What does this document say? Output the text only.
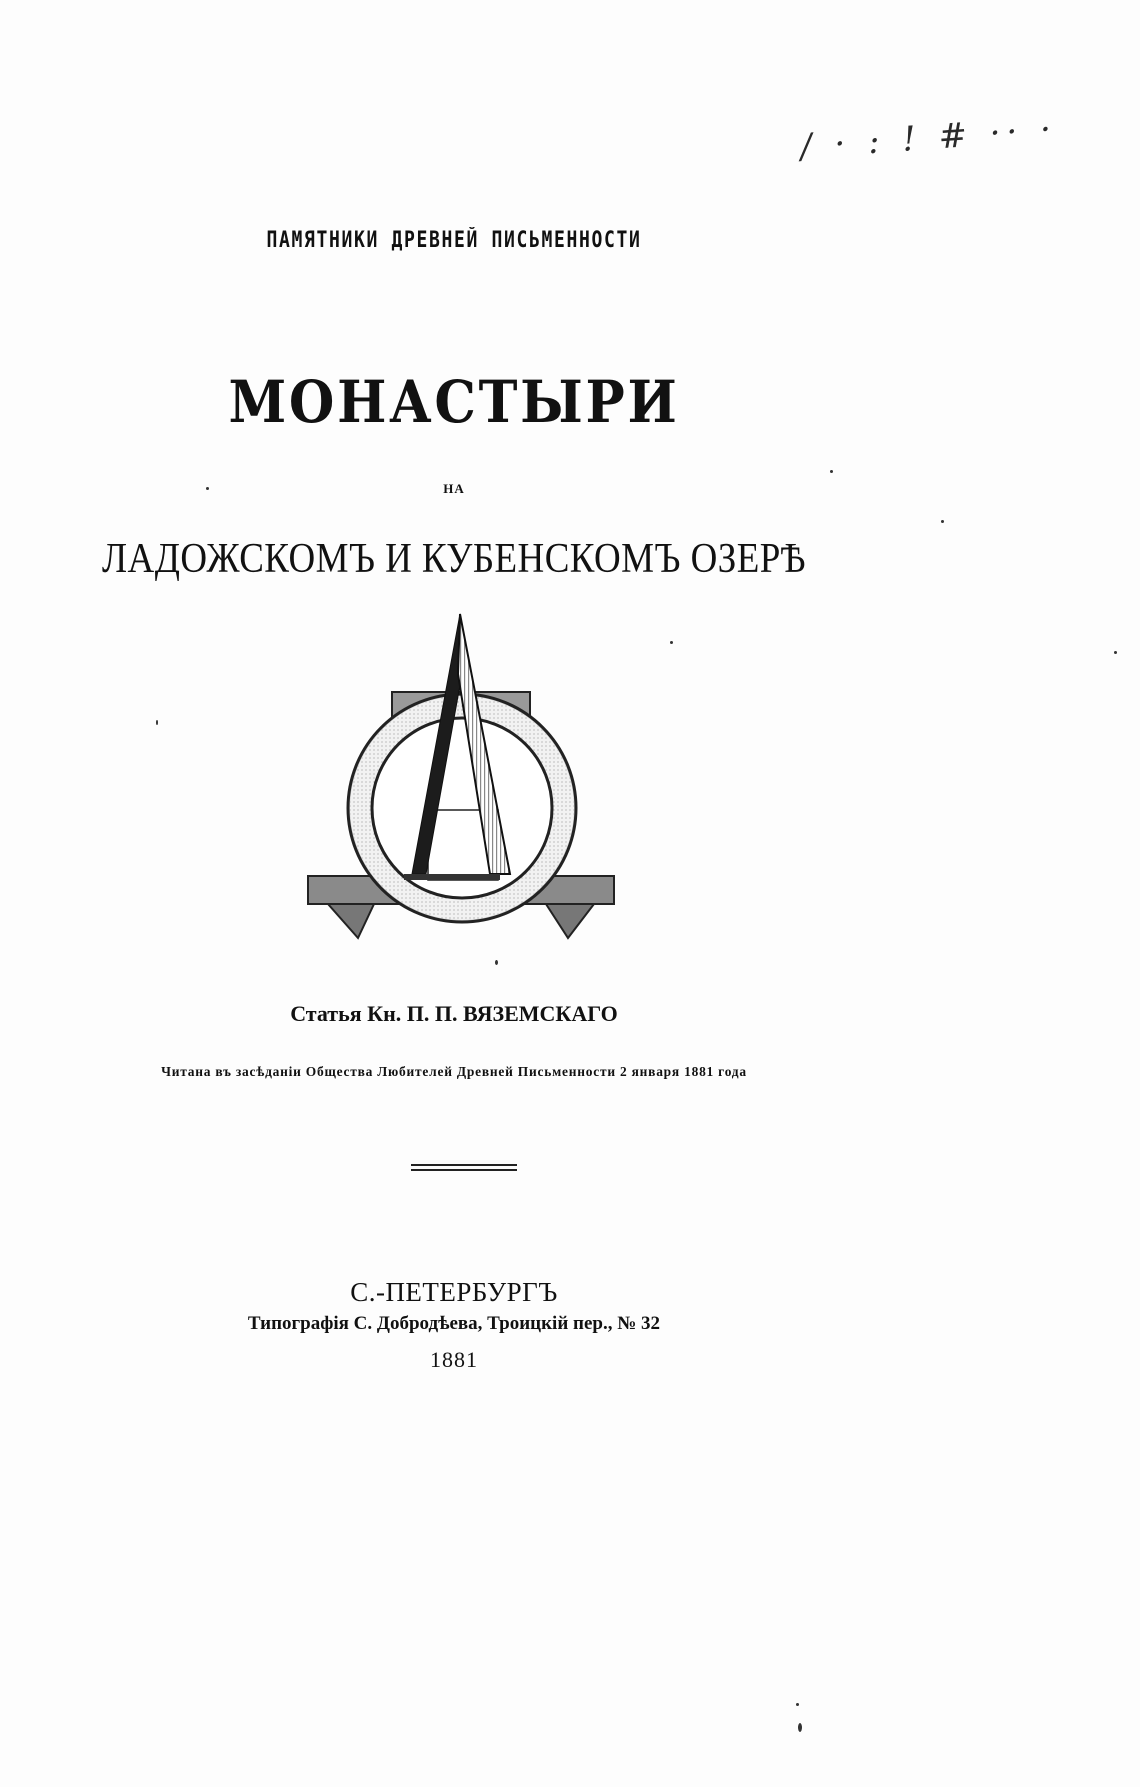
/ · : ! # ·· ·
ПАМЯТНИКИ ДРЕВНЕЙ ПИСЬМЕННОСТИ
МОНАСТЫРИ
НА
ЛАДОЖСКОМЪ И КУБЕНСКОМЪ ОЗЕРѢ
Статья Кн. П. П. ВЯЗЕМСКАГО
Читана въ засѣданіи Общества Любителей Древней Письменности 2 января 1881 года
С.-ПЕТЕРБУРГЪ
Типографія С. Добродѣева, Троицкій пер., № 32
1881
